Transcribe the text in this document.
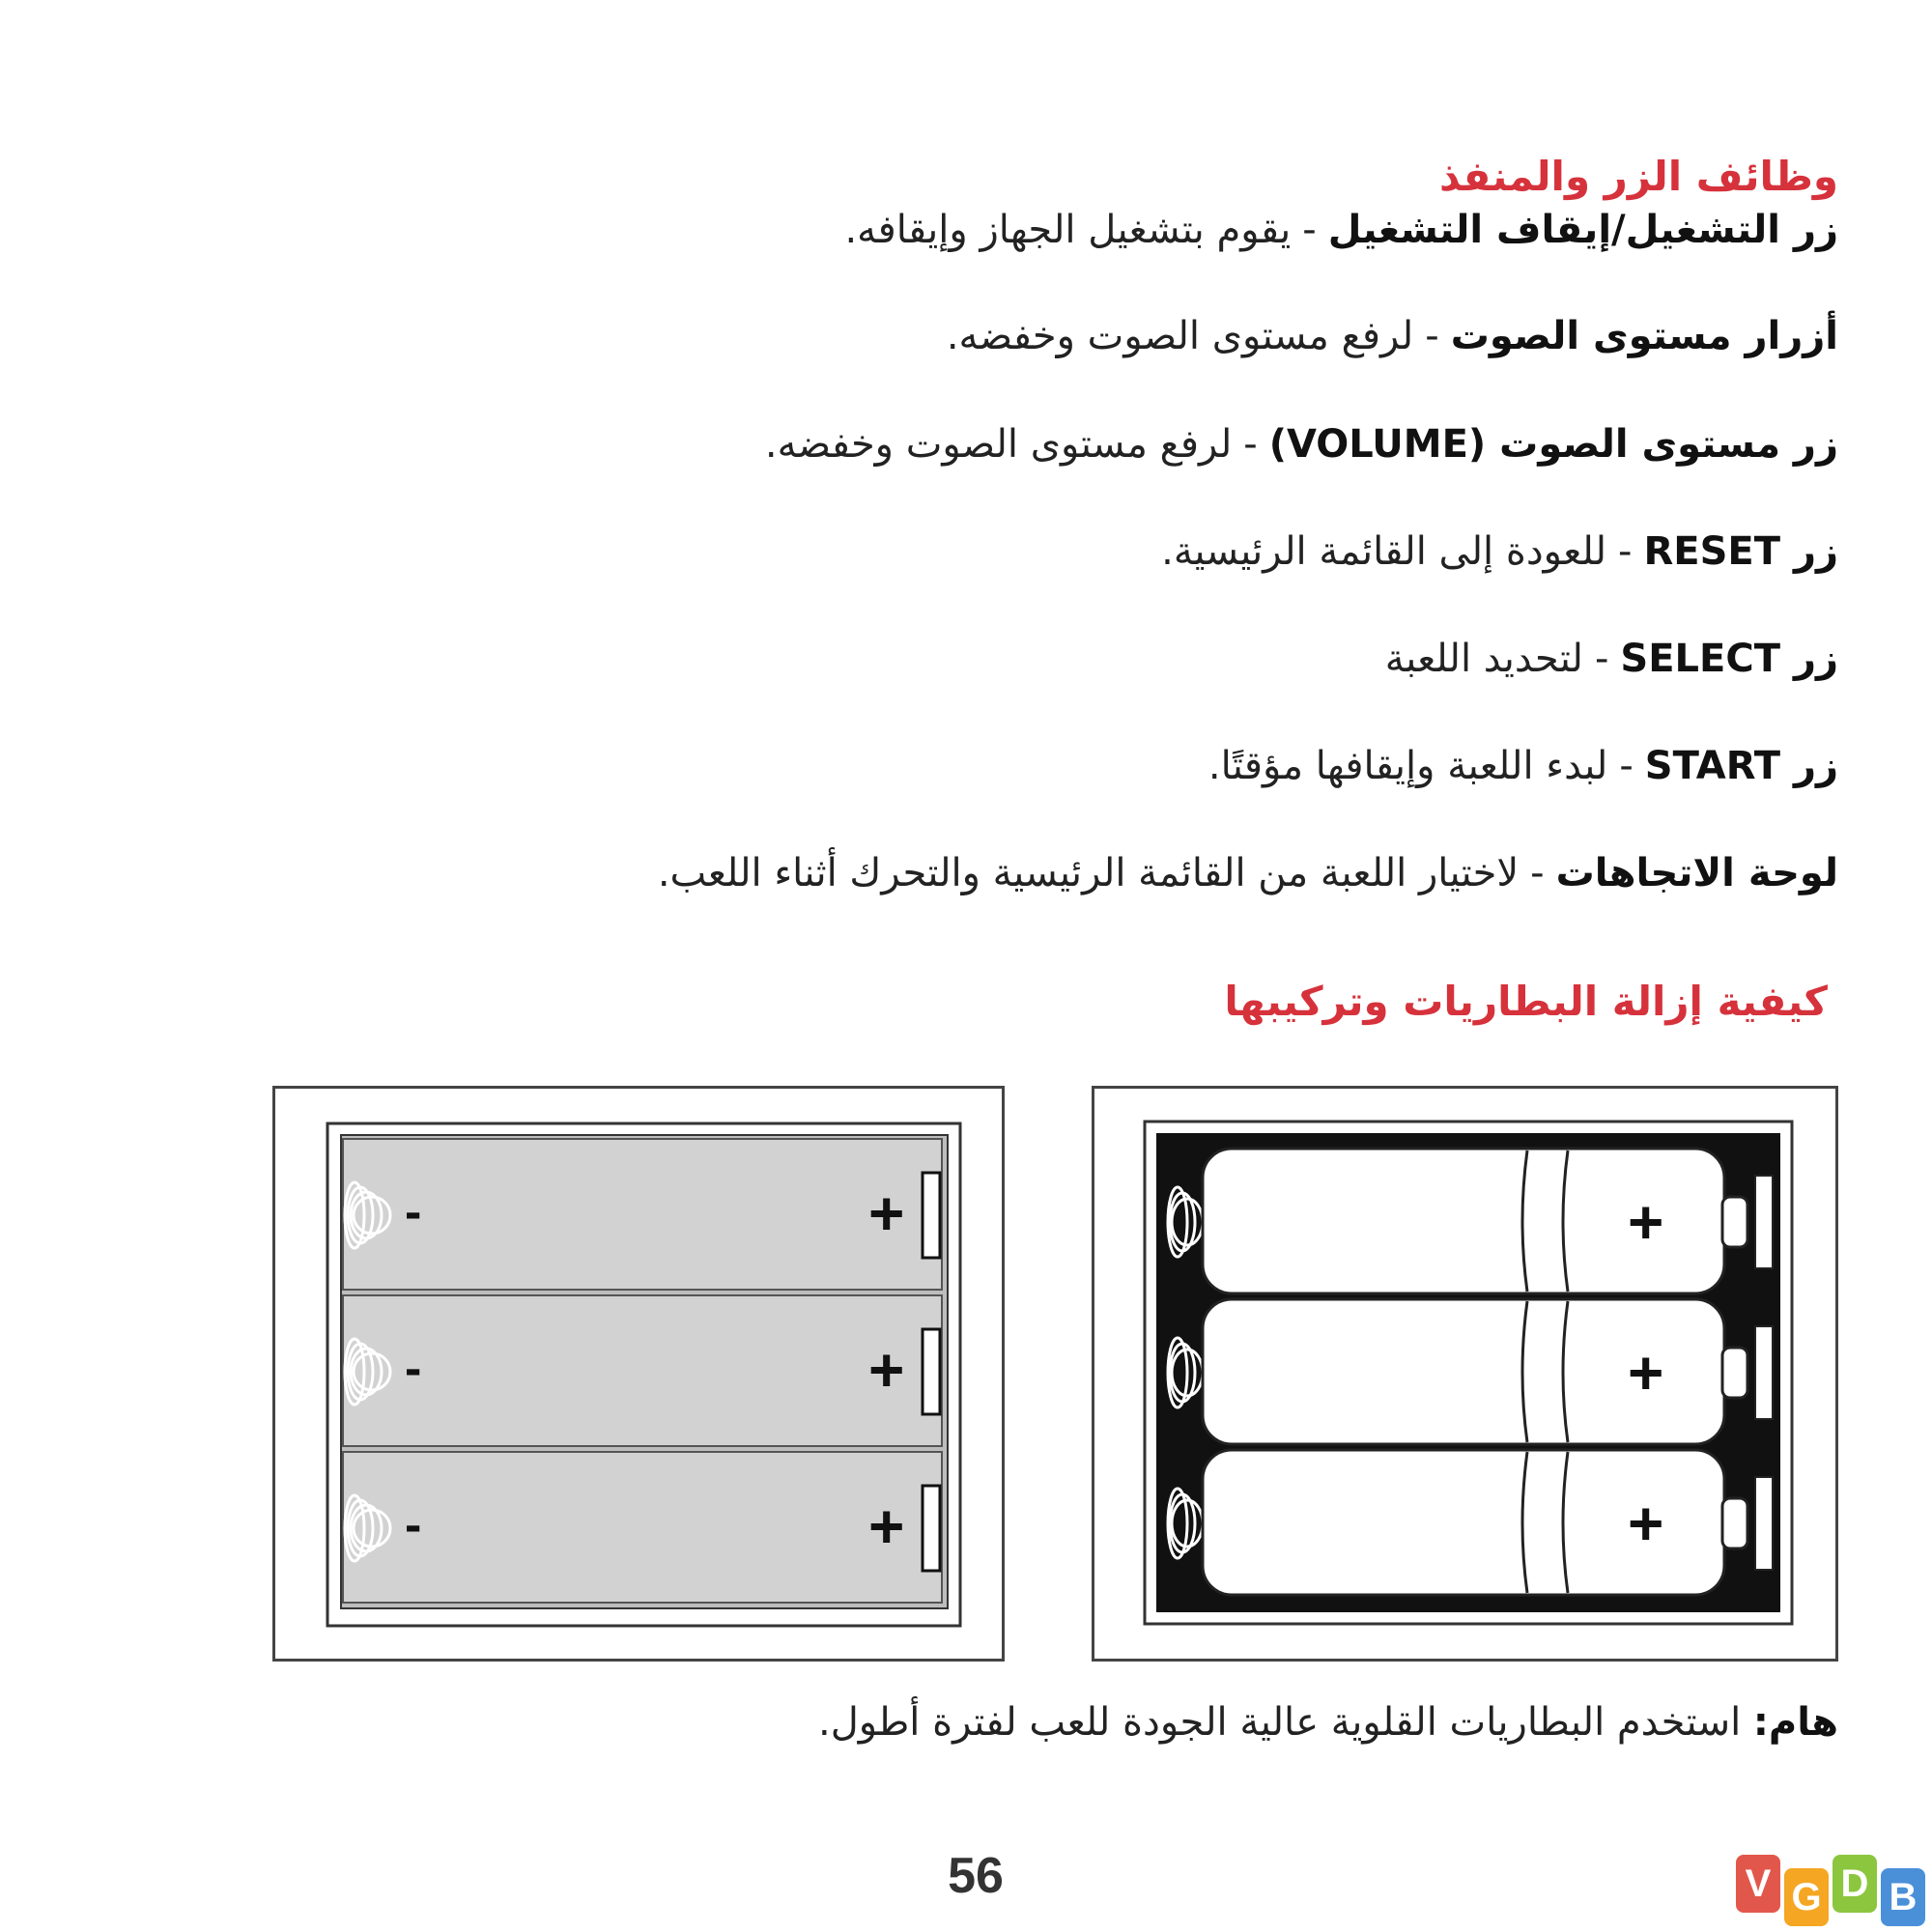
وظائف الزر والمنفذ
زر التشغيل/إيقاف التشغيل-يقوم بتشغيل الجهاز وإيقافه.
أزرار مستوى الصوت-لرفع مستوى الصوت وخفضه.
زر مستوى الصوت (VOLUME)-لرفع مستوى الصوت وخفضه.
زر RESET-للعودة إلى القائمة الرئيسية.
زر SELECT-لتحديد اللعبة
زر START-لبدء اللعبة وإيقافها مؤقتًا.
لوحة الاتجاهات-لاختيار اللعبة من القائمة الرئيسية والتحرك أثناء اللعب.
كيفية إزالة البطاريات وتركيبها
-	+
-	+
-	+
+
+
+
هام: استخدم البطاريات القلوية عالية الجودة للعب لفترة أطول.
56	V G D B
